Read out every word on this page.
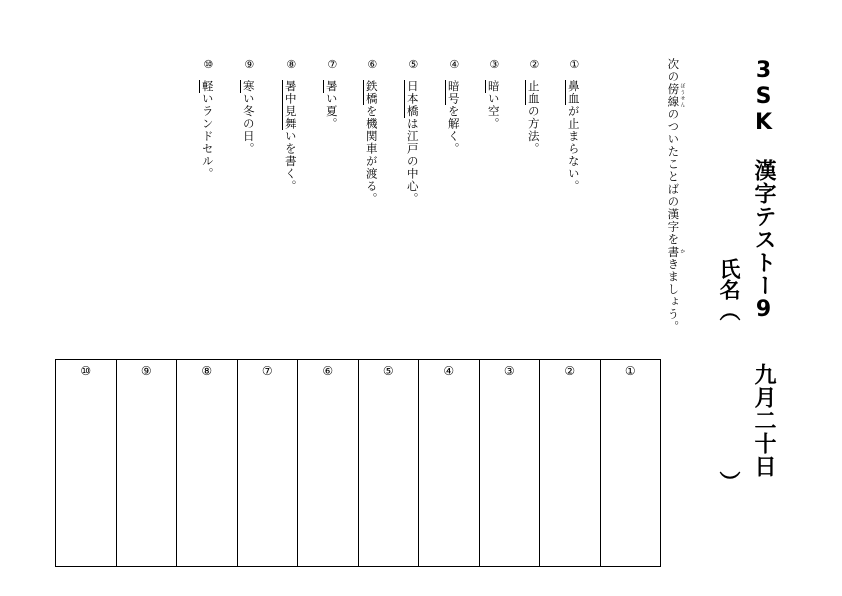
3SK　漢字テストー9九月二十日
氏名（）
次の傍線 ぼうせんのついたことばの漢字を書 かきましょう。
①鼻血が止まらない。
②止血の方法。
③暗い空。
④暗号を解く。
⑤日本橋は江戸の中心。
⑥鉄橋を機関車が渡る。
⑦暑い夏。
⑧暑中見舞いを書く。
⑨寒い冬の日。
⑩軽いランドセル。
⑩	⑨	⑧	⑦	⑥	⑤	④	③	②	①
